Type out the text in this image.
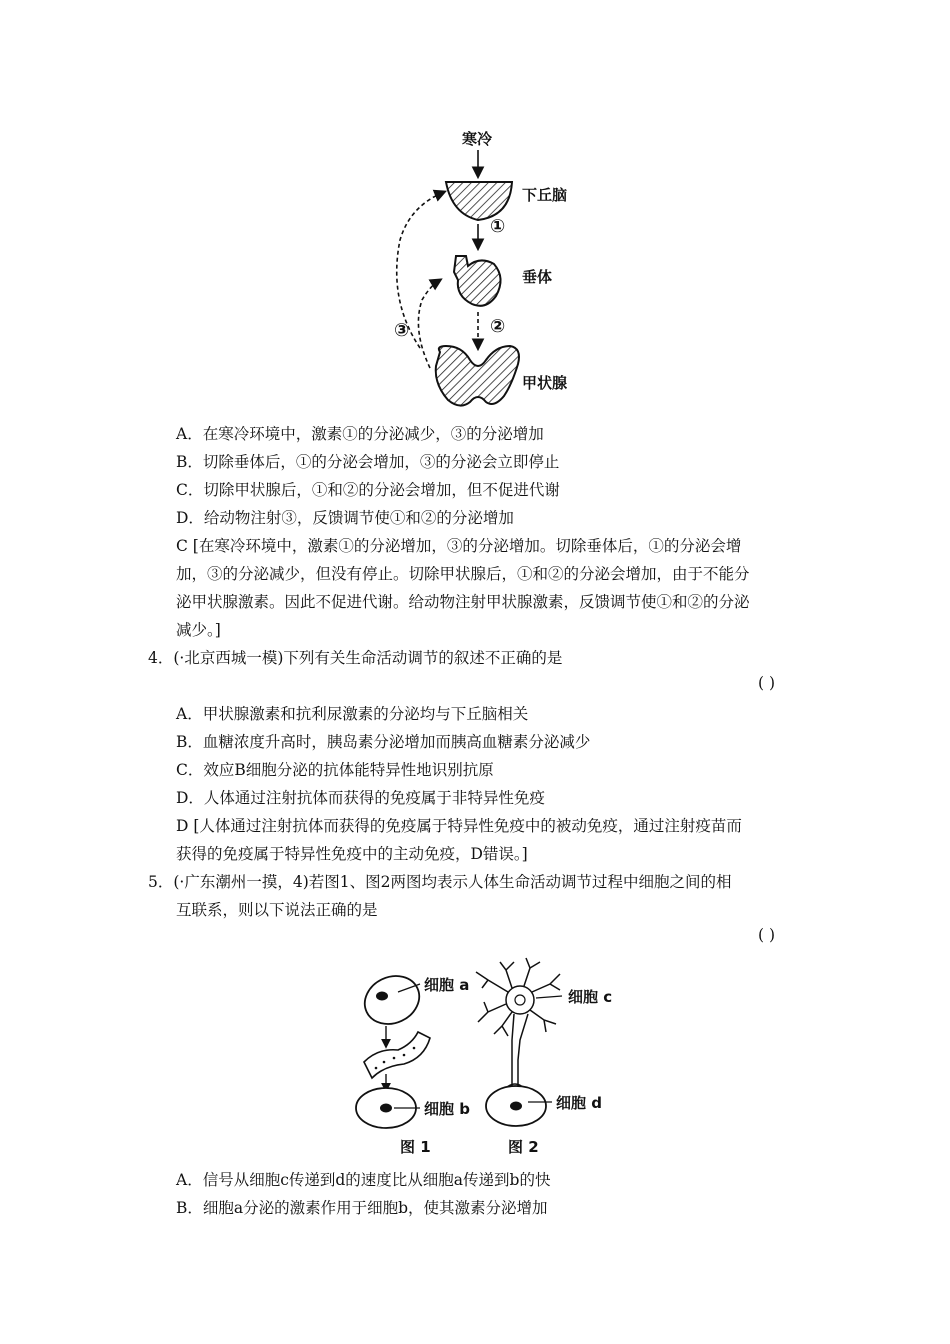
寒冷
下丘脑
垂体
甲状腺
①
②
③
A．在寒冷环境中，激素①的分泌减少，③的分泌增加
B．切除垂体后，①的分泌会增加，③的分泌会立即停止
C．切除甲状腺后，①和②的分泌会增加，但不促进代谢
D．给动物注射③，反馈调节使①和②的分泌增加
C [在寒冷环境中，激素①的分泌增加，③的分泌增加。切除垂体后，①的分泌会增
加，③的分泌减少，但没有停止。切除甲状腺后，①和②的分泌会增加，由于不能分
泌甲状腺激素。因此不促进代谢。给动物注射甲状腺激素，反馈调节使①和②的分泌
减少。]
4．(·北京西城一模)下列有关生命活动调节的叙述不正确的是
( )
A．甲状腺激素和抗利尿激素的分泌均与下丘脑相关
B．血糖浓度升高时，胰岛素分泌增加而胰高血糖素分泌减少
C．效应B细胞分泌的抗体能特异性地识别抗原
D．人体通过注射抗体而获得的免疫属于非特异性免疫
D [人体通过注射抗体而获得的免疫属于特异性免疫中的被动免疫，通过注射疫苗而
获得的免疫属于特异性免疫中的主动免疫，D错误。]
5．(·广东潮州一摸，4)若图1、图2两图均表示人体生命活动调节过程中细胞之间的相
互联系，则以下说法正确的是
( )
细胞 a
细胞 b
细胞 c
细胞 d
图 1	图 2
A．信号从细胞c传递到d的速度比从细胞a传递到b的快
B．细胞a分泌的激素作用于细胞b，使其激素分泌增加
